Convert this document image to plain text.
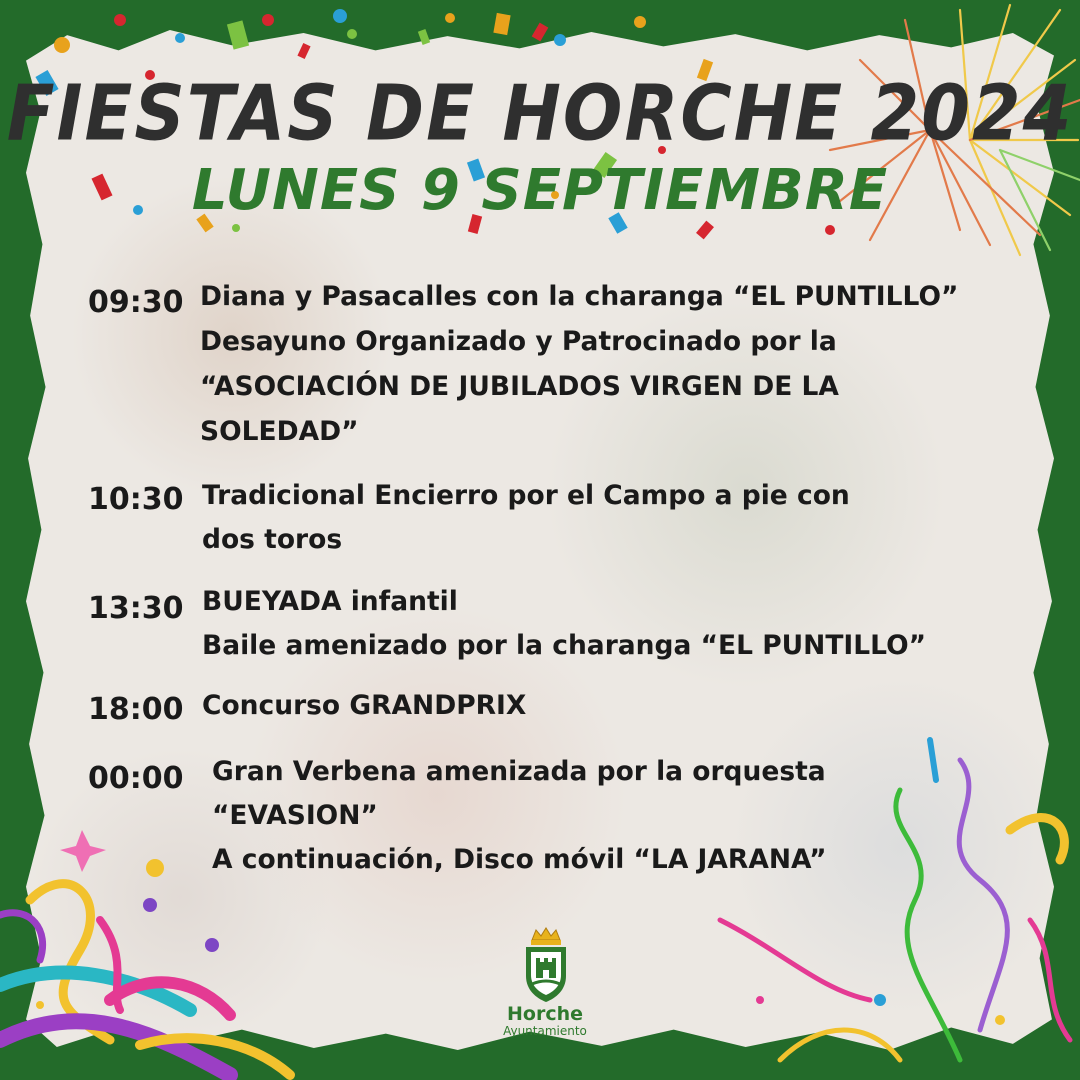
FIESTAS DE HORCHE 2024
LUNES 9 SEPTIEMBRE
09:30 Diana y Pasacalles con la charanga “EL PUNTILLO”
Desayuno Organizado y Patrocinado por la
“ASOCIACIÓN DE JUBILADOS VIRGEN DE LA
SOLEDAD”
10:30 Tradicional Encierro por el Campo a pie con
dos toros
13:30 BUEYADA infantil
Baile amenizado por la charanga “EL PUNTILLO”
18:00 Concurso GRANDPRIX
00:00 Gran Verbena amenizada por la orquesta
“EVASION”
A continuación, Disco móvil “LA JARANA”
Horche
Ayuntamiento
